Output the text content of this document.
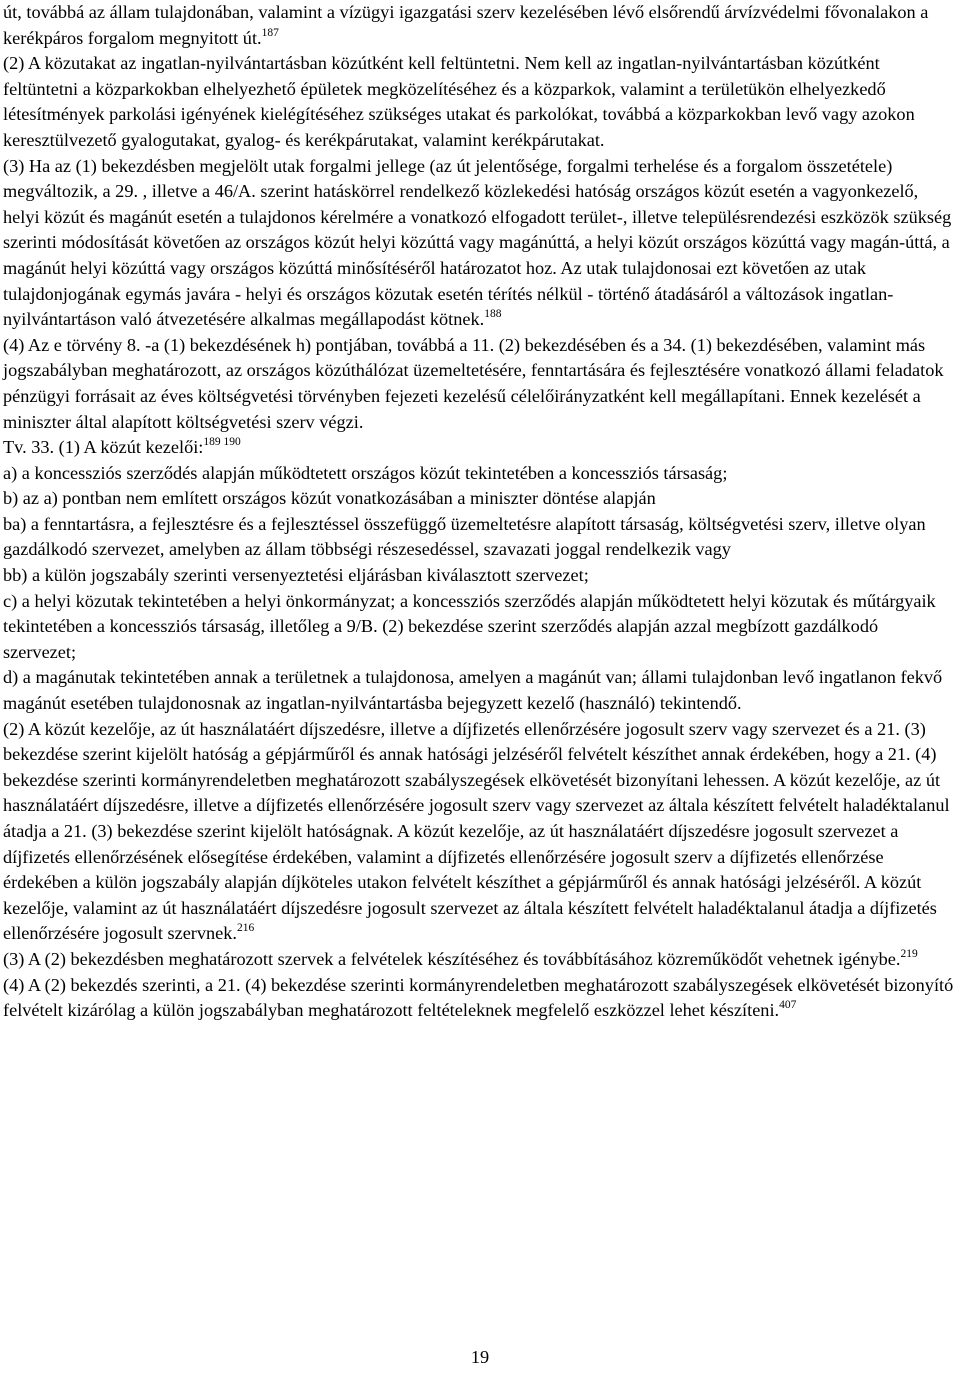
út, továbbá az állam tulajdonában, valamint a vízügyi igazgatási szerv kezelésében lévő elsőrendű árvízvédelmi fővonalakon a kerékpáros forgalom megnyitott út.$^{187}$

(2) A közutakat az ingatlan-nyilvántartásban közútként kell feltüntetni. Nem kell az ingatlan-nyilvántartásban közútként feltüntetni a közparkokban elhelyezhető épületek megközelítéséhez és a közparkok, valamint a területükön elhelyezkedő létesítmények parkolási igényének kielégítéséhez szükséges utakat és parkolókat, továbbá a közparkokban levő vagy azokon keresztülvezető gyalogutakat, gyalog- és kerékpárutakat, valamint kerékpárutakat.

(3) Ha az (1) bekezdésben megjelölt utak forgalmi jellege (az út jelentősége, forgalmi terhelése és a forgalom összetétele) megváltozik, a 29. , illetve a 46/A. szerint hatáskörrel rendelkező közlekedési hatóság országos közút esetén a vagyonkezelő, helyi közút és magánút esetén a tulajdonos kérelmére a vonatkozó elfogadott terület-, illetve településrendezési eszközök szükség szerinti módosítását követően az országos közút helyi közúttá vagy magánúttá, a helyi közút országos közúttá vagy magán-úttá, a magánút helyi közúttá vagy országos közúttá minősítéséről határozatot hoz. Az utak tulajdonosai ezt követően az utak tulajdonjogának egymás javára - helyi és országos közutak esetén térítés nélkül - történő átadásáról a változások ingatlan-nyilvántartáson való átvezetésére alkalmas megállapodást kötnek.$^{188}$

(4) Az e törvény 8. -a (1) bekezdésének h) pontjában, továbbá a 11. (2) bekezdésében és a 34. (1) bekezdésében, valamint más jogszabályban meghatározott, az országos közúthálózat üzemeltetésére, fenntartására és fejlesztésére vonatkozó állami feladatok pénzügyi forrásait az éves költségvetési törvényben fejezeti kezelésű célelőirányzatként kell megállapítani. Ennek kezelését a miniszter által alapított költségvetési szerv végzi.

Tv. 33. (1) A közút kezelői:$^{189 190}$

a) a koncessziós szerződés alapján működtetett országos közút tekintetében a koncessziós társaság;

b) az a) pontban nem említett országos közút vonatkozásában a miniszter döntése alapján

ba) a fenntartásra, a fejlesztésre és a fejlesztéssel összefüggő üzemeltetésre alapított társaság, költségvetési szerv, illetve olyan gazdálkodó szervezet, amelyben az állam többségi részesedéssel, szavazati joggal rendelkezik vagy

bb) a külön jogszabály szerinti versenyeztetési eljárásban kiválasztott szervezet;

c) a helyi közutak tekintetében a helyi önkormányzat; a koncessziós szerződés alapján működtetett helyi közutak és műtárgyaik tekintetében a koncessziós társaság, illetőleg a 9/B. (2) bekezdése szerint szerződés alapján azzal megbízott gazdálkodó szervezet;

d) a magánutak tekintetében annak a területnek a tulajdonosa, amelyen a magánút van; állami tulajdonban levő ingatlanon fekvő magánút esetében tulajdonosnak az ingatlan-nyilvántartásba bejegyzett kezelő (használó) tekintendő.

(2) A közút kezelője, az út használatáért díjszedésre, illetve a díjfizetés ellenőrzésére jogosult szerv vagy szervezet és a 21. (3) bekezdése szerint kijelölt hatóság a gépjárműről és annak hatósági jelzéséről felvételt készíthet annak érdekében, hogy a 21. (4) bekezdése szerinti kormányrendeletben meghatározott szabályszegések elkövetését bizonyítani lehessen. A közút kezelője, az út használatáért díjszedésre, illetve a díjfizetés ellenőrzésére jogosult szerv vagy szervezet az általa készített felvételt haladéktalanul átadja a 21. (3) bekezdése szerint kijelölt hatóságnak. A közút kezelője, az út használatáért díjszedésre jogosult szervezet a díjfizetés ellenőrzésének elősegítése érdekében, valamint a díjfizetés ellenőrzésére jogosult szerv a díjfizetés ellenőrzése érdekében a külön jogszabály alapján díjköteles utakon felvételt készíthet a gépjárműről és annak hatósági jelzéséről. A közút kezelője, valamint az út használatáért díjszedésre jogosult szervezet az általa készített felvételt haladéktalanul átadja a díjfizetés ellenőrzésére jogosult szervnek.$^{216}$

(3) A (2) bekezdésben meghatározott szervek a felvételek készítéséhez és továbbításához közreműködőt vehetnek igénybe.$^{219}$

(4) A (2) bekezdés szerinti, a 21. (4) bekezdése szerinti kormányrendeletben meghatározott szabályszegések elkövetését bizonyító felvételt kizárólag a külön jogszabályban meghatározott feltételeknek megfelelő eszközzel lehet készíteni.$^{407}$

19
